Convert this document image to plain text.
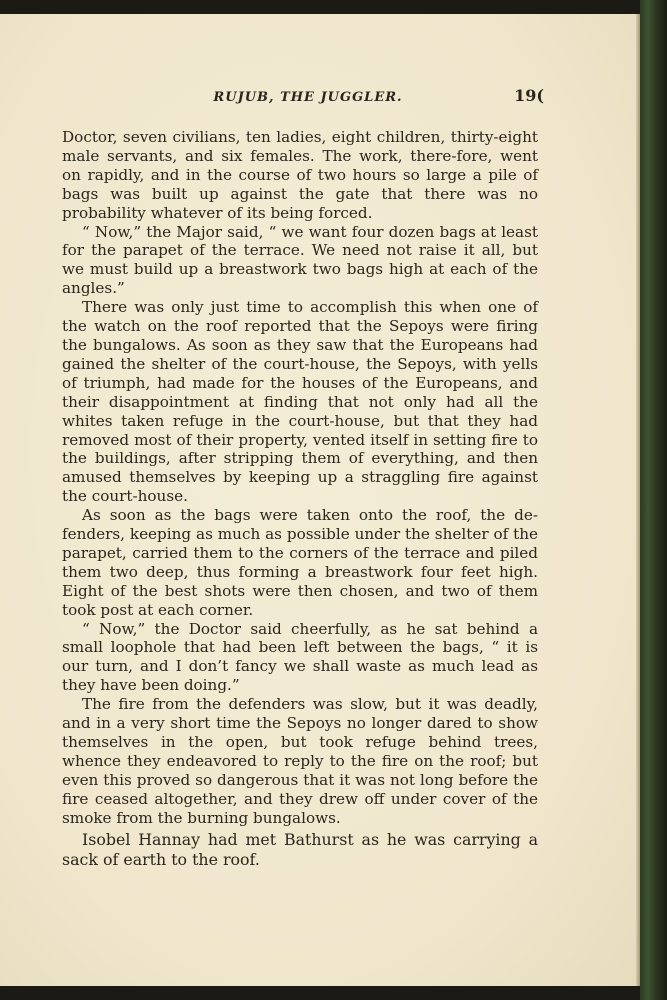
RUJUB, THE JUGGLER.	19(

Doctor, seven civilians, ten ladies, eight children, thirty-eight male servants, and six females. The work, there-fore, went on rapidly, and in the course of two hours so large a pile of bags was built up against the gate that there was no probability whatever of its being forced.

“ Now,” the Major said, “ we want four dozen bags at least for the parapet of the terrace. We need not raise it all, but we must build up a breastwork two bags high at each of the angles.”

There was only just time to accomplish this when one of the watch on the roof reported that the Sepoys were firing the bungalows. As soon as they saw that the Europeans had gained the shelter of the court-house, the Sepoys, with yells of triumph, had made for the houses of the Europeans, and their disappointment at finding that not only had all the whites taken refuge in the court-house, but that they had removed most of their property, vented itself in setting fire to the buildings, after stripping them of everything, and then amused themselves by keeping up a straggling fire against the court-house.

As soon as the bags were taken onto the roof, the de-fenders, keeping as much as possible under the shelter of the parapet, carried them to the corners of the terrace and piled them two deep, thus forming a breastwork four feet high. Eight of the best shots were then chosen, and two of them took post at each corner.

“ Now,” the Doctor said cheerfully, as he sat behind a small loophole that had been left between the bags, “ it is our turn, and I don’t fancy we shall waste as much lead as they have been doing.”

The fire from the defenders was slow, but it was deadly, and in a very short time the Sepoys no longer dared to show themselves in the open, but took refuge behind trees, whence they endeavored to reply to the fire on the roof; but even this proved so dangerous that it was not long before the fire ceased altogether, and they drew off under cover of the smoke from the burning bungalows.

Isobel Hannay had met Bathurst as he was carrying a sack of earth to the roof.
